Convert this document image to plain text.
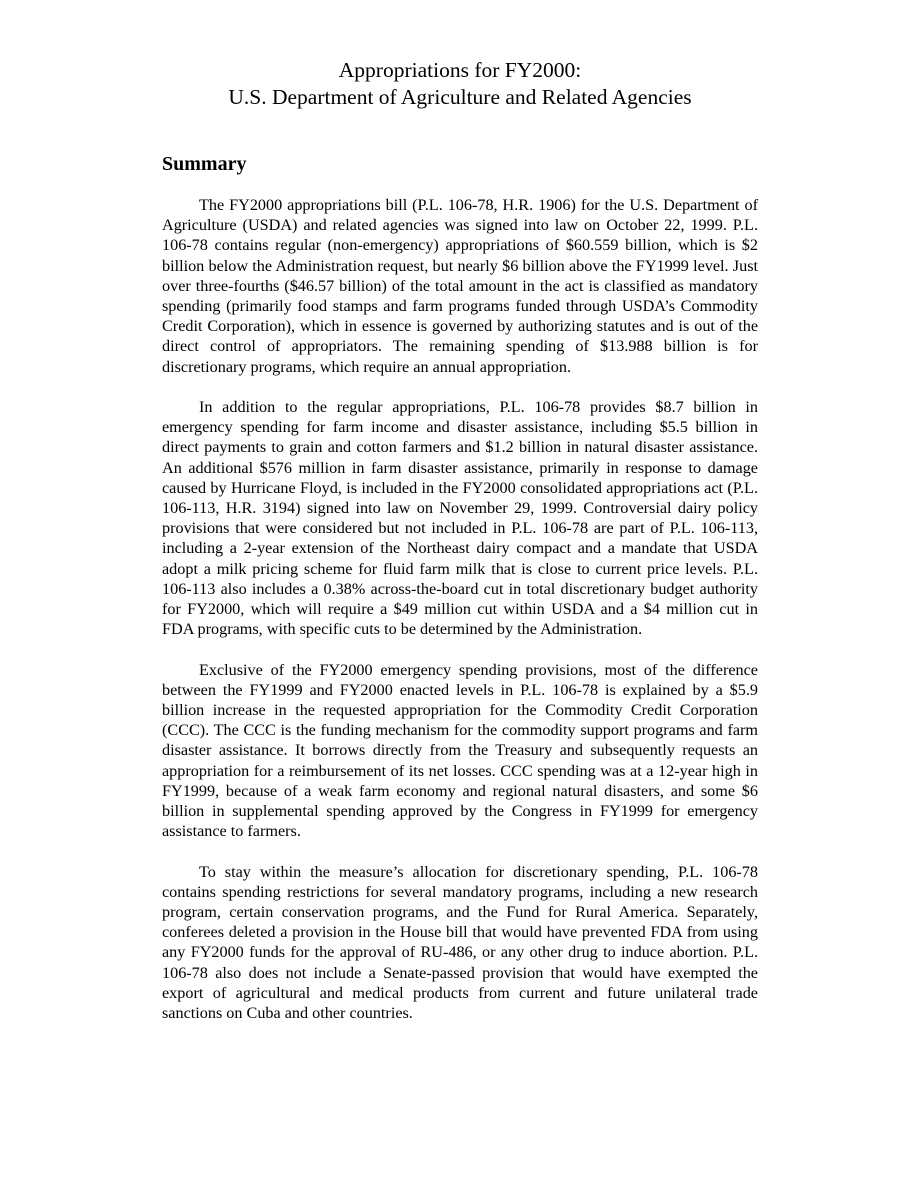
Appropriations for FY2000:
U.S. Department of Agriculture and Related Agencies
Summary

The FY2000 appropriations bill (P.L. 106-78, H.R. 1906) for the U.S. Department of Agriculture (USDA) and related agencies was signed into law on October 22, 1999. P.L. 106-78 contains regular (non-emergency) appropriations of $60.559 billion, which is $2 billion below the Administration request, but nearly $6 billion above the FY1999 level. Just over three-fourths ($46.57 billion) of the total amount in the act is classified as mandatory spending (primarily food stamps and farm programs funded through USDA’s Commodity Credit Corporation), which in essence is governed by authorizing statutes and is out of the direct control of appropriators. The remaining spending of $13.988 billion is for discretionary programs, which require an annual appropriation.

In addition to the regular appropriations, P.L. 106-78 provides $8.7 billion in emergency spending for farm income and disaster assistance, including $5.5 billion in direct payments to grain and cotton farmers and $1.2 billion in natural disaster assistance. An additional $576 million in farm disaster assistance, primarily in response to damage caused by Hurricane Floyd, is included in the FY2000 consolidated appropriations act (P.L. 106-113, H.R. 3194) signed into law on November 29, 1999. Controversial dairy policy provisions that were considered but not included in P.L. 106-78 are part of P.L. 106-113, including a 2-year extension of the Northeast dairy compact and a mandate that USDA adopt a milk pricing scheme for fluid farm milk that is close to current price levels. P.L. 106-113 also includes a 0.38% across-the-board cut in total discretionary budget authority for FY2000, which will require a $49 million cut within USDA and a $4 million cut in FDA programs, with specific cuts to be determined by the Administration.

Exclusive of the FY2000 emergency spending provisions, most of the difference between the FY1999 and FY2000 enacted levels in P.L. 106-78 is explained by a $5.9 billion increase in the requested appropriation for the Commodity Credit Corporation (CCC). The CCC is the funding mechanism for the commodity support programs and farm disaster assistance. It borrows directly from the Treasury and subsequently requests an appropriation for a reimbursement of its net losses. CCC spending was at a 12-year high in FY1999, because of a weak farm economy and regional natural disasters, and some $6 billion in supplemental spending approved by the Congress in FY1999 for emergency assistance to farmers.

To stay within the measure’s allocation for discretionary spending, P.L. 106-78 contains spending restrictions for several mandatory programs, including a new research program, certain conservation programs, and the Fund for Rural America. Separately, conferees deleted a provision in the House bill that would have prevented FDA from using any FY2000 funds for the approval of RU-486, or any other drug to induce abortion. P.L. 106-78 also does not include a Senate-passed provision that would have exempted the export of agricultural and medical products from current and future unilateral trade sanctions on Cuba and other countries.
